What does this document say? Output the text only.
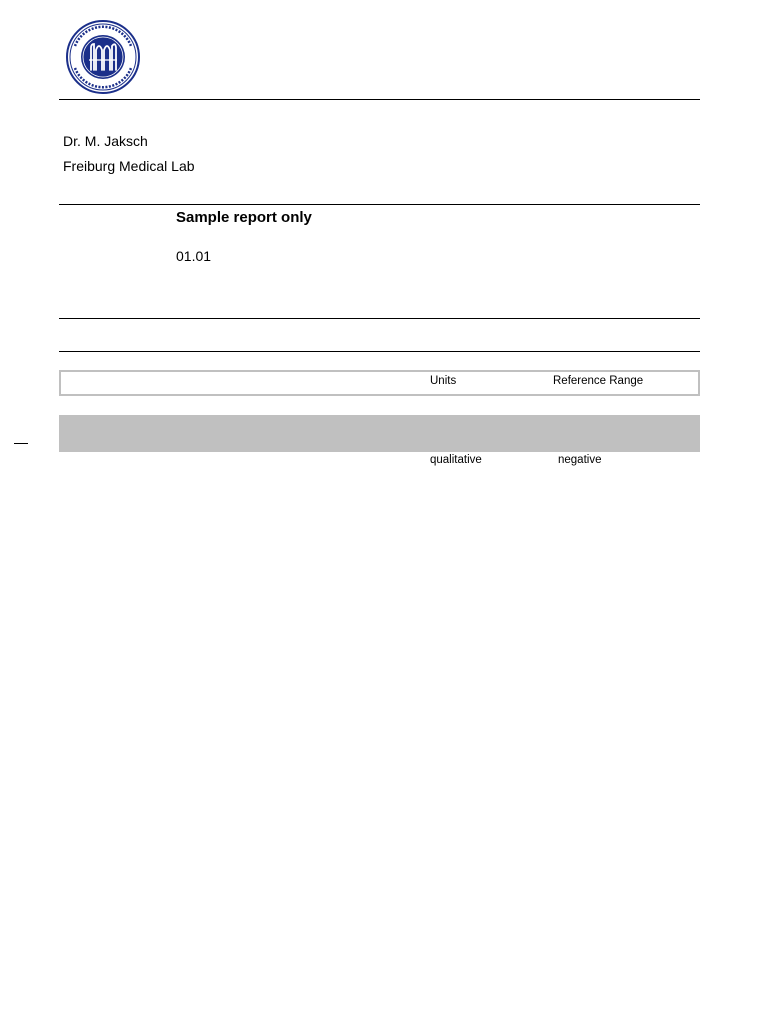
Dr. M. Jaksch
Freiburg Medical Lab
Sample report only
01.01
Units	Reference Range
qualitative	negative
